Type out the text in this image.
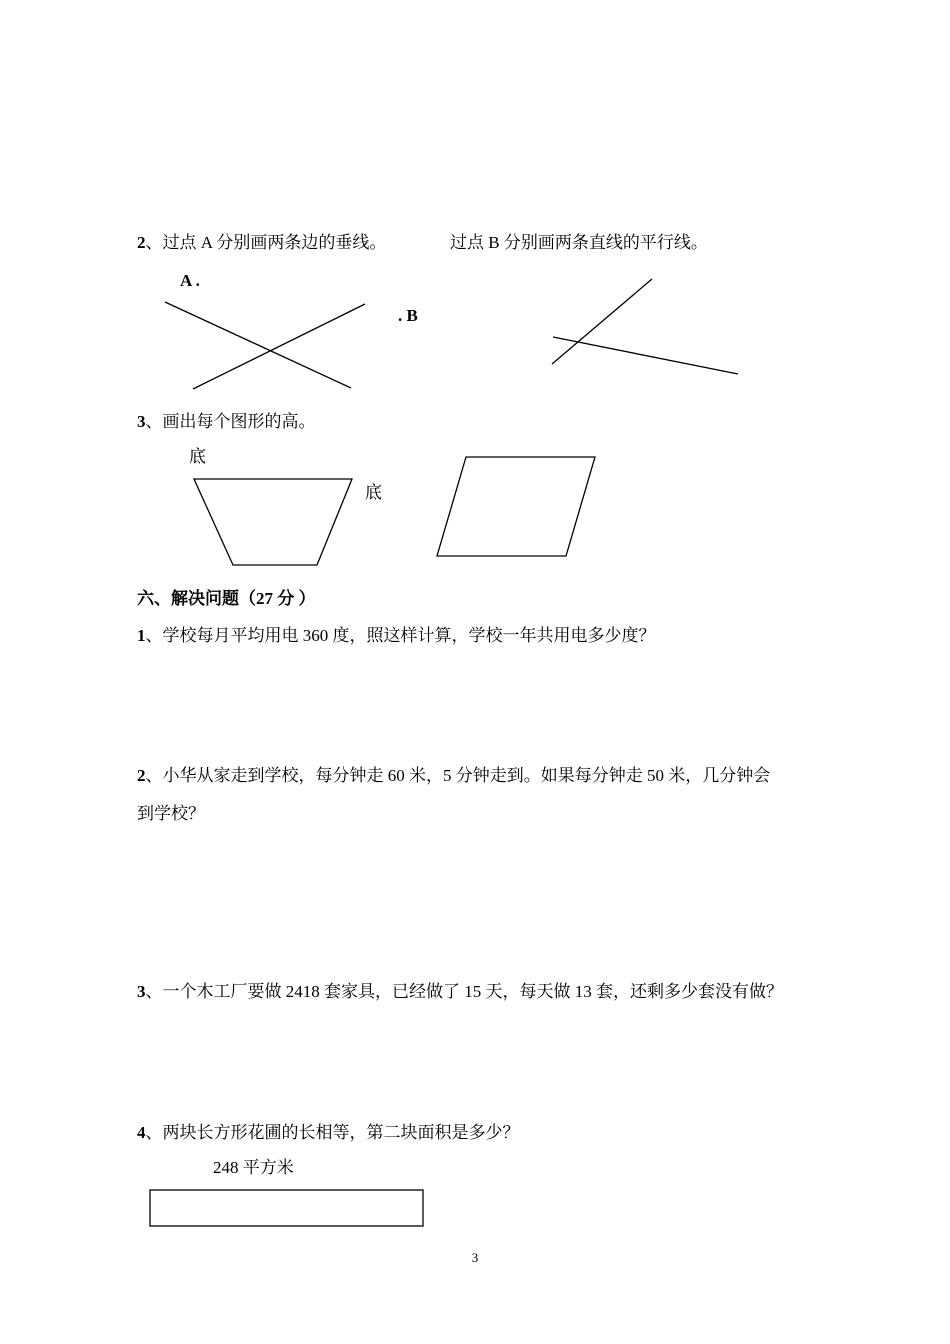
2、过点 A 分别画两条边的垂线。	过点 B 分别画两条直线的平行线。
A .
. B
3、画出每个图形的高。
底
底
六、解决问题（27 分 ）
1、学校每月平均用电 360 度，照这样计算，学校一年共用电多少度？
2、小华从家走到学校，每分钟走 60 米，5 分钟走到。如果每分钟走 50 米，几分钟会
到学校？
3、一个木工厂要做 2418 套家具，已经做了 15 天，每天做 13 套，还剩多少套没有做？
4、两块长方形花圃的长相等，第二块面积是多少？
248 平方米
3
